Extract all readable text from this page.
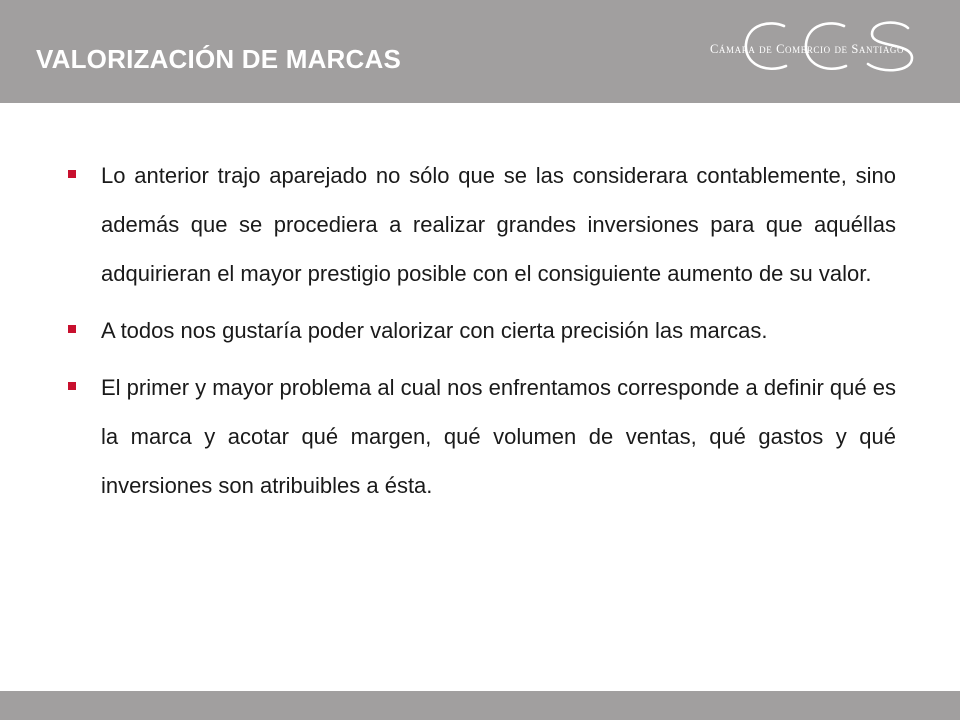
VALORIZACIÓN DE MARCAS	Cámara de Comercio de Santiago

Lo anterior trajo aparejado no sólo que se las considerara contablemente, sino además que se procediera a realizar grandes inversiones para que aquéllas adquirieran el mayor prestigio posible con el consiguiente aumento de su valor.

A todos nos gustaría poder valorizar con cierta precisión las marcas.

El primer y mayor problema al cual nos enfrentamos corresponde a definir qué es la marca y acotar qué margen, qué volumen de ventas, qué gastos y qué inversiones son atribuibles a ésta.
